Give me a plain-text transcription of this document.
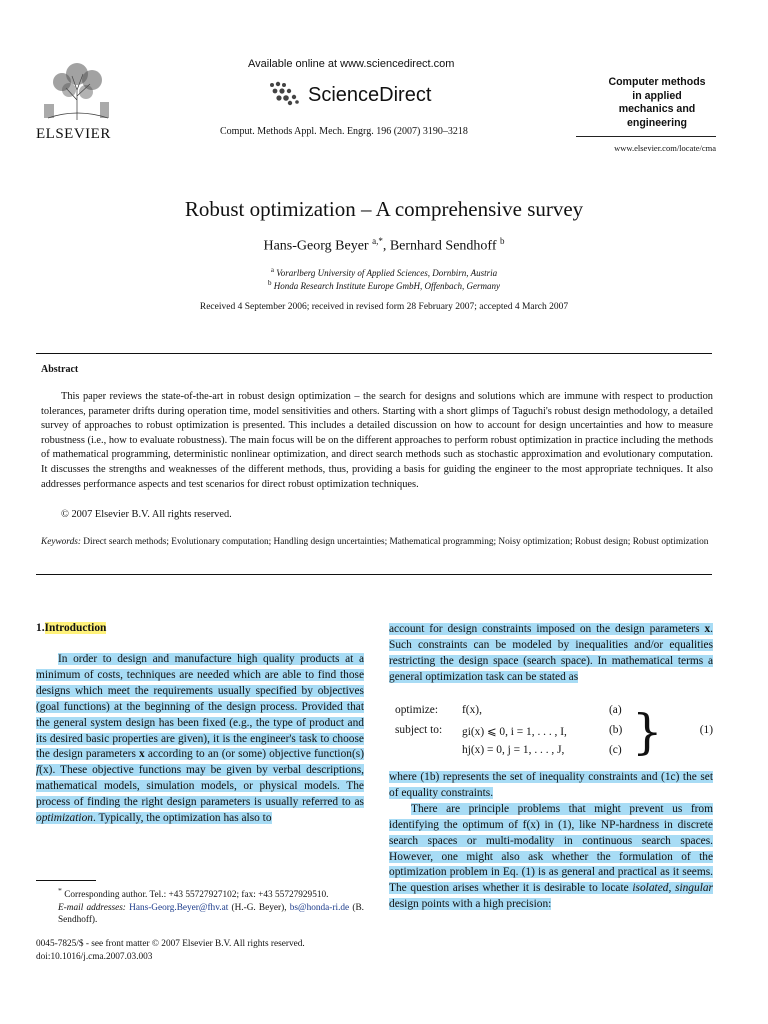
ELSEVIER
Available online at www.sciencedirect.com
ScienceDirect
Comput. Methods Appl. Mech. Engrg. 196 (2007) 3190–3218
Computer methods
in applied
mechanics and
engineering
www.elsevier.com/locate/cma
Robust optimization – A comprehensive survey
Hans-Georg Beyer $^{a,*}$, Bernhard Sendhoff $^b$
$^a$ Vorarlberg University of Applied Sciences, Dornbirn, Austria
$^b$ Honda Research Institute Europe GmbH, Offenbach, Germany
Received 4 September 2006; received in revised form 28 February 2007; accepted 4 March 2007
Abstract

This paper reviews the state-of-the-art in robust design optimization – the search for designs and solutions which are immune with respect to production tolerances, parameter drifts during operation time, model sensitivities and others. Starting with a short glimps of Taguchi's robust design methodology, a detailed survey of approaches to robust optimization is presented. This includes a detailed discussion on how to account for design uncertainties and how to measure robustness (i.e., how to evaluate robustness). The main focus will be on the different approaches to perform robust optimization in practice including the methods of mathematical programming, deterministic nonlinear optimization, and direct search methods such as stochastic approximation and evolutionary computation. It discusses the strengths and weaknesses of the different methods, thus, providing a basis for guiding the engineer to the most appropriate techniques. It also addresses performance aspects and test scenarios for direct robust optimization techniques.

© 2007 Elsevier B.V. All rights reserved.
Keywords: Direct search methods; Evolutionary computation; Handling design uncertainties; Mathematical programming; Noisy optimization; Robust design; Robust optimization
1.Introduction

In order to design and manufacture high quality products at a minimum of costs, techniques are needed which are able to find those designs which meet the requirements usually specified by objectives (goal functions) at the beginning of the design process. Provided that the general system design has been fixed (e.g., the type of product and its desired basic properties are given), it is the engineer's task to choose the design parameters x according to an (or some) objective function(s) f(x). These objective functions may be given by verbal descriptions, mathematical models, simulation models, or physical models. The process of finding the right design parameters is usually referred to as optimization. Typically, the optimization has also to

* Corresponding author. Tel.: +43 55727927102; fax: +43 55727929510.
E-mail addresses: Hans-Georg.Beyer@fhv.at (H.-G. Beyer), bs@honda-ri.de (B. Sendhoff).
0045-7825/$ - see front matter © 2007 Elsevier B.V. All rights reserved.
doi:10.1016/j.cma.2007.03.003

account for design constraints imposed on the design parameters x. Such constraints can be modeled by inequalities and/or equalities restricting the design space (search space). In mathematical terms a general optimization task can be stated as

optimize: f(x),	(a)
subject to: gi(x) ⩽ 0, i = 1, . . . , I,	(b)
hj(x) = 0, j = 1, . . . , J,	(c) }	(1)

where (1b) represents the set of inequality constraints and (1c) the set of equality constraints.

There are principle problems that might prevent us from identifying the optimum of f(x) in (1), like NP-hardness in discrete search spaces or multi-modality in continuous search spaces. However, one might also ask whether the formulation of the optimization problem in Eq. (1) is as general and practical as it seems. The question arises whether it is desirable to locate isolated, singular design points with a high precision:
